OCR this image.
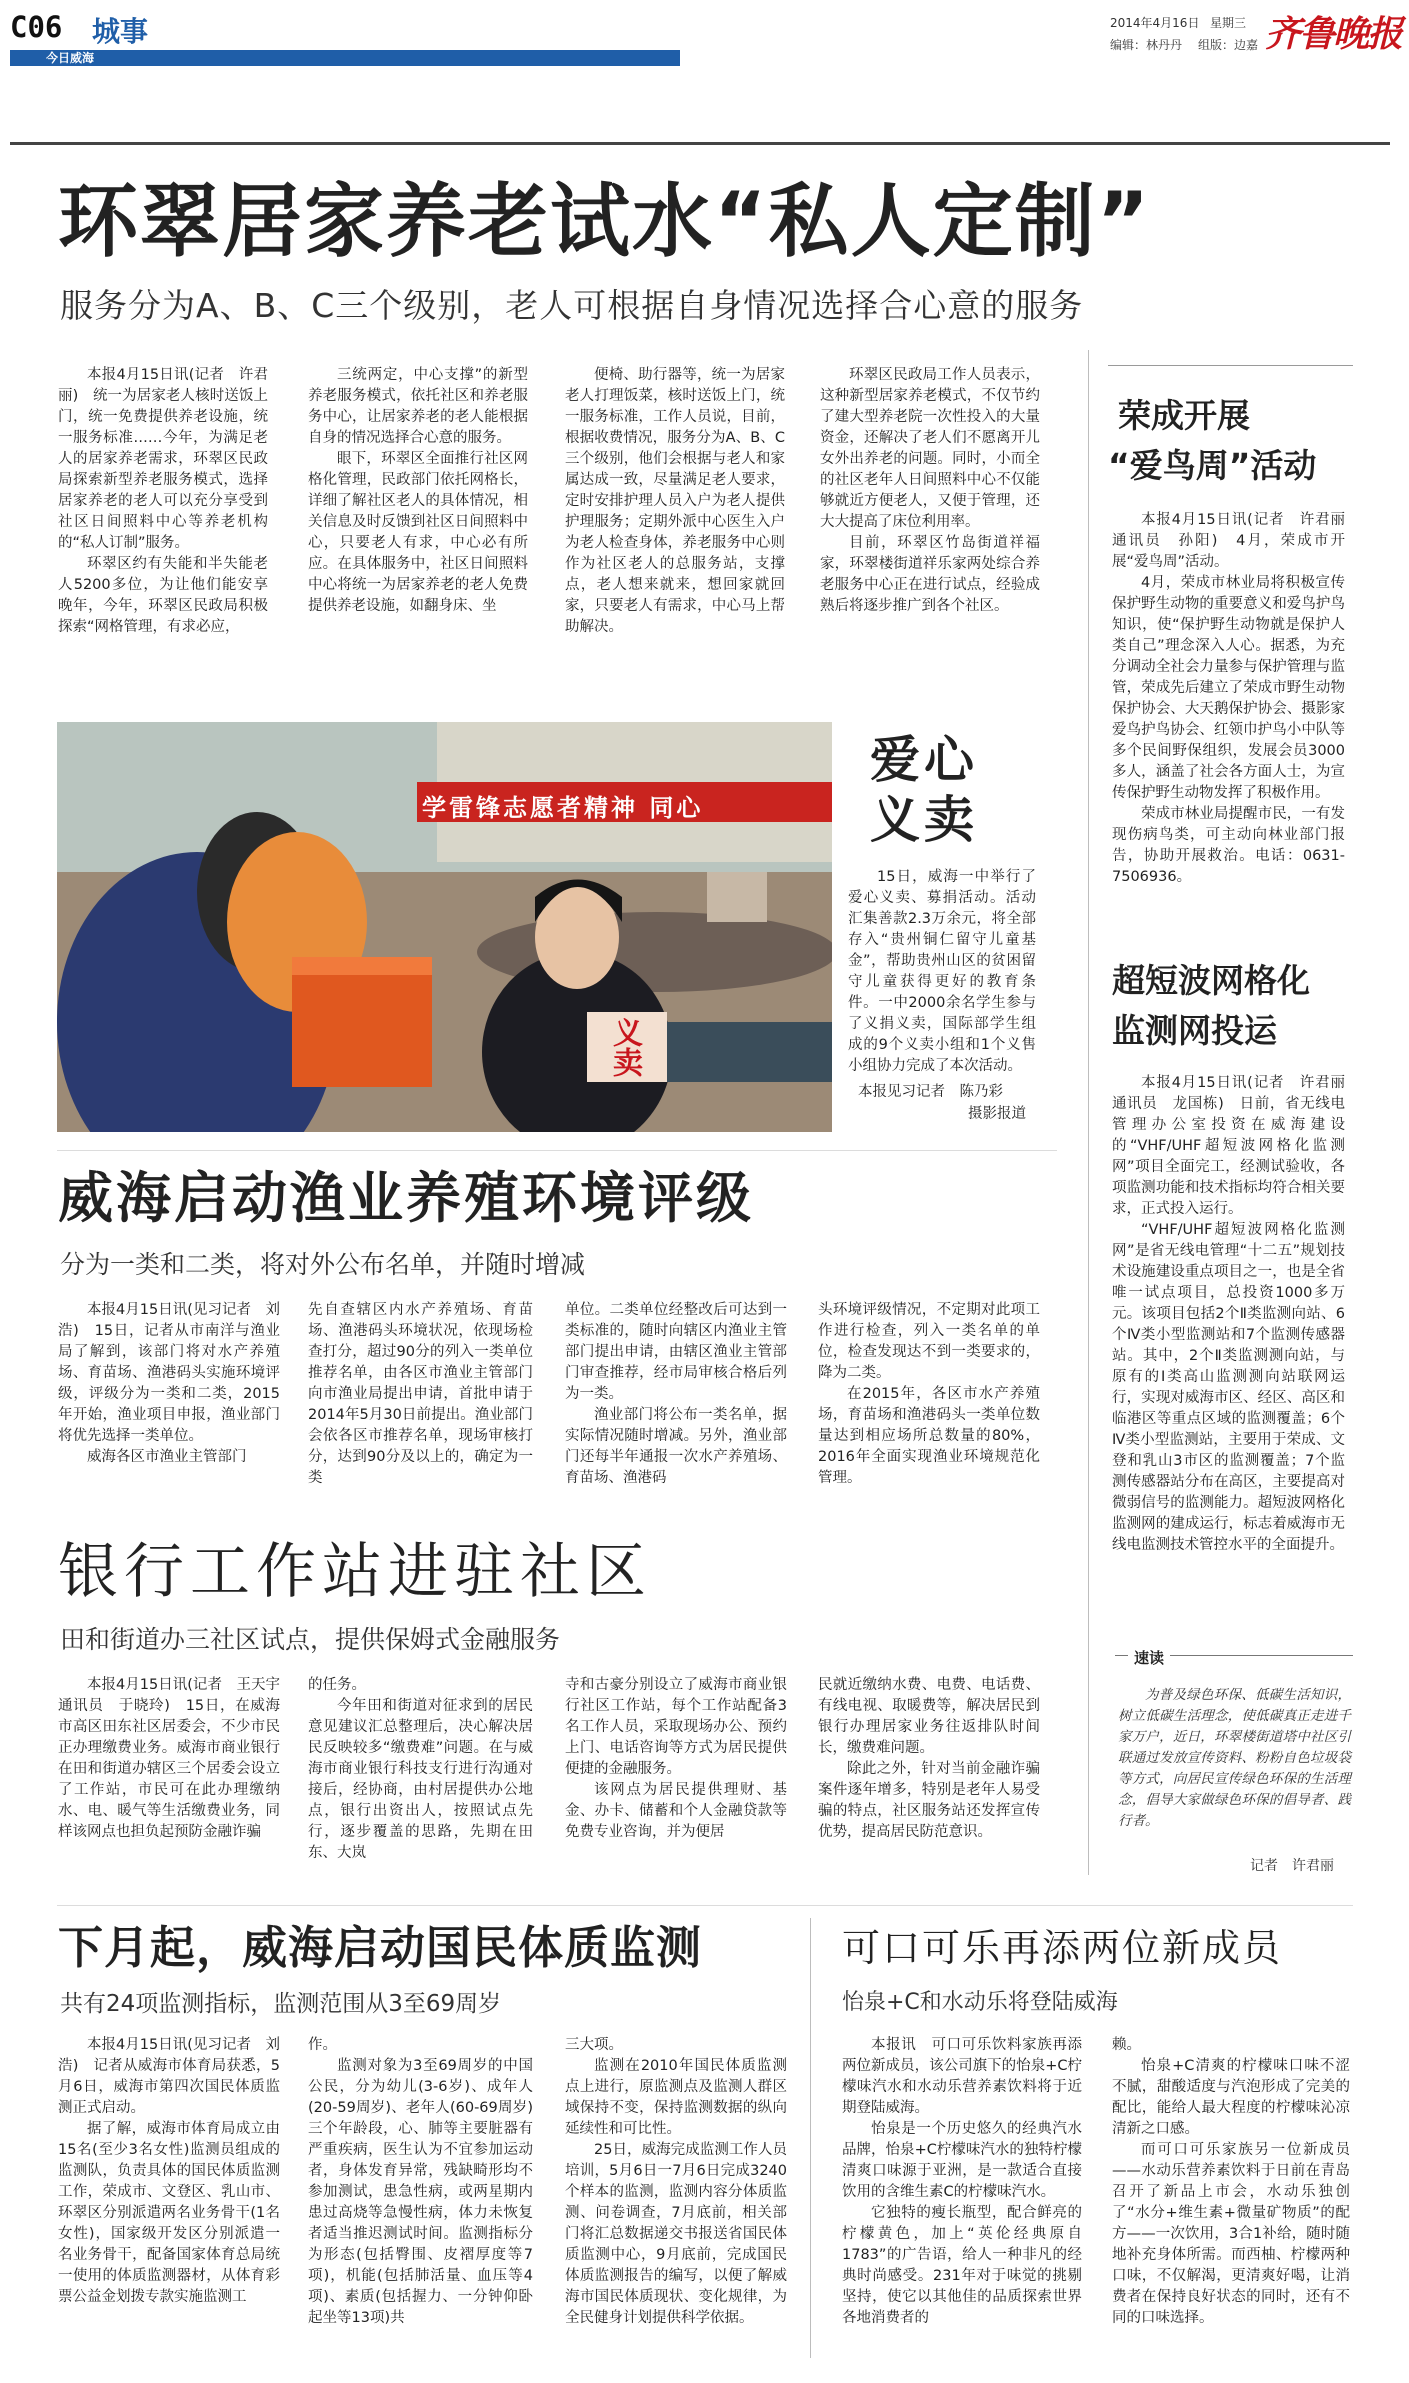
C06 城事
今日威海
2014年4月16日 星期三
编辑：林丹丹 组版：边嘉 齐鲁晚报
环翠居家养老试水“私人定制”
服务分为A、B、C三个级别，老人可根据自身情况选择合心意的服务

本报4月15日讯(记者　许君丽)　统一为居家老人核时送饭上门，统一免费提供养老设施，统一服务标准……今年，为满足老人的居家养老需求，环翠区民政局探索新型养老服务模式，选择居家养老的老人可以充分享受到社区日间照料中心等养老机构的“私人订制”服务。

环翠区约有失能和半失能老人5200多位，为让他们能安享晚年，今年，环翠区民政局积极探索“网格管理，有求必应，

三统两定，中心支撑”的新型养老服务模式，依托社区和养老服务中心，让居家养老的老人能根据自身的情况选择合心意的服务。

眼下，环翠区全面推行社区网格化管理，民政部门依托网格长，详细了解社区老人的具体情况，相关信息及时反馈到社区日间照料中心，只要老人有求，中心必有所应。在具体服务中，社区日间照料中心将统一为居家养老的老人免费提供养老设施，如翻身床、坐

便椅、助行器等，统一为居家老人打理饭菜，核时送饭上门，统一服务标准，工作人员说，目前，根据收费情况，服务分为A、B、C三个级别，他们会根据与老人和家属达成一致，尽量满足老人要求，定时安排护理人员入户为老人提供护理服务；定期外派中心医生入户为老人检查身体，养老服务中心则作为社区老人的总服务站，支撑点，老人想来就来，想回家就回家，只要老人有需求，中心马上帮助解决。

环翠区民政局工作人员表示，这种新型居家养老模式，不仅节约了建大型养老院一次性投入的大量资金，还解决了老人们不愿离开儿女外出养老的问题。同时，小而全的社区老年人日间照料中心不仅能够就近方便老人，又便于管理，还大大提高了床位利用率。

目前，环翠区竹岛街道祥福家，环翠楼街道祥乐家两处综合养老服务中心正在进行试点，经验成熟后将逐步推广到各个社区。

学雷锋志愿者精神 同心
义卖
爱心
义卖

15日，威海一中举行了爱心义卖、募捐活动。活动汇集善款2.3万余元，将全部存入“贵州铜仁留守儿童基金”，帮助贵州山区的贫困留守儿童获得更好的教育条件。一中2000余名学生参与了义捐义卖，国际部学生组成的9个义卖小组和1个义售小组协力完成了本次活动。

本报见习记者　陈乃彩
摄影报道
荣成开展
“爱鸟周”活动

本报4月15日讯(记者　许君丽　通讯员　孙阳)　4月，荣成市开展“爱鸟周”活动。

4月，荣成市林业局将积极宣传保护野生动物的重要意义和爱鸟护鸟知识，使“保护野生动物就是保护人类自己”理念深入人心。据悉，为充分调动全社会力量参与保护管理与监管，荣成先后建立了荣成市野生动物保护协会、大天鹅保护协会、摄影家爱鸟护鸟协会、红领巾护鸟小中队等多个民间野保组织，发展会员3000多人，涵盖了社会各方面人士，为宣传保护野生动物发挥了积极作用。

荣成市林业局提醒市民，一有发现伤病鸟类，可主动向林业部门报告，协助开展救治。电话：0631-7506936。

超短波网格化
监测网投运

本报4月15日讯(记者　许君丽　通讯员　龙国栋)　日前，省无线电管理办公室投资在威海建设的“VHF/UHF超短波网格化监测网”项目全面完工，经测试验收，各项监测功能和技术指标均符合相关要求，正式投入运行。

“VHF/UHF超短波网格化监测网”是省无线电管理“十二五”规划技术设施建设重点项目之一，也是全省唯一试点项目，总投资1000多万元。该项目包括2个Ⅱ类监测向站、6个Ⅳ类小型监测站和7个监测传感器站。其中，2个Ⅱ类监测测向站，与原有的Ⅰ类高山监测测向站联网运行，实现对威海市区、经区、高区和临港区等重点区域的监测覆盖；6个Ⅳ类小型监测站，主要用于荣成、文登和乳山3市区的监测覆盖；7个监测传感器站分布在高区，主要提高对微弱信号的监测能力。超短波网格化监测网的建成运行，标志着威海市无线电监测技术管控水平的全面提升。

速读

为普及绿色环保、低碳生活知识，树立低碳生活理念，使低碳真正走进千家万户，近日，环翠楼街道塔中社区引联通过发放宣传资料、粉粉自色垃圾袋等方式，向居民宣传绿色环保的生活理念，倡导大家做绿色环保的倡导者、践行者。

记者　许君丽
威海启动渔业养殖环境评级
分为一类和二类，将对外公布名单，并随时增减

本报4月15日讯(见习记者　刘浩)　15日，记者从市南洋与渔业局了解到，该部门将对水产养殖场、育苗场、渔港码头实施环境评级，评级分为一类和二类，2015年开始，渔业项目申报，渔业部门将优先选择一类单位。

威海各区市渔业主管部门

先自查辖区内水产养殖场、育苗场、渔港码头环境状况，依现场检查打分，超过90分的列入一类单位推荐名单，由各区市渔业主管部门向市渔业局提出申请，首批申请于2014年5月30日前提出。渔业部门会依各区市推荐名单，现场审核打分，达到90分及以上的，确定为一类

单位。二类单位经整改后可达到一类标准的，随时向辖区内渔业主管部门提出申请，由辖区渔业主管部门审查推荐，经市局审核合格后列为一类。

渔业部门将公布一类名单，据实际情况随时增减。另外，渔业部门还每半年通报一次水产养殖场、育苗场、渔港码

头环境评级情况，不定期对此项工作进行检查，列入一类名单的单位，检查发现达不到一类要求的，降为二类。

在2015年，各区市水产养殖场，育苗场和渔港码头一类单位数量达到相应场所总数量的80%，2016年全面实现渔业环境规范化管理。

银行工作站进驻社区
田和街道办三社区试点，提供保姆式金融服务

本报4月15日讯(记者　王天宇　通讯员　于晓玲)　15日，在威海市高区田东社区居委会，不少市民正办理缴费业务。威海市商业银行在田和街道办辖区三个居委会设立了工作站，市民可在此办理缴纳水、电、暖气等生活缴费业务，同样该网点也担负起预防金融诈骗

的任务。

今年田和街道对征求到的居民意见建议汇总整理后，决心解决居民反映较多“缴费难”问题。在与威海市商业银行科技支行进行沟通对接后，经协商，由村居提供办公地点，银行出资出人，按照试点先行，逐步覆盖的思路，先期在田东、大岚

寺和古豪分别设立了威海市商业银行社区工作站，每个工作站配备3名工作人员，采取现场办公、预约上门、电话咨询等方式为居民提供便捷的金融服务。

该网点为居民提供理财、基金、办卡、储蓄和个人金融贷款等免费专业咨询，并为便居

民就近缴纳水费、电费、电话费、有线电视、取暖费等，解决居民到银行办理居家业务往返排队时间长，缴费难问题。

除此之外，针对当前金融诈骗案件逐年增多，特别是老年人易受骗的特点，社区服务站还发挥宣传优势，提高居民防范意识。

下月起，威海启动国民体质监测
共有24项监测指标，监测范围从3至69周岁

本报4月15日讯(见习记者　刘浩)　记者从威海市体育局获悉，5月6日，威海市第四次国民体质监测正式启动。

据了解，威海市体育局成立由15名(至少3名女性)监测员组成的监测队，负责具体的国民体质监测工作，荣成市、文登区、乳山市、环翠区分别派遣两名业务骨干(1名女性)，国家级开发区分别派遣一名业务骨干，配备国家体育总局统一使用的体质监测器材，从体育彩票公益金划拨专款实施监测工

作。

监测对象为3至69周岁的中国公民，分为幼儿(3-6岁)、成年人(20-59周岁)、老年人(60-69周岁)三个年龄段，心、肺等主要脏器有严重疾病，医生认为不宜参加运动者，身体发育异常，残缺畸形均不参加测试，患急性病，或两星期内患过高烧等急慢性病，体力未恢复者适当推迟测试时间。监测指标分为形态(包括臀围、皮褶厚度等7项)，机能(包括肺活量、血压等4项)、素质(包括握力、一分钟仰卧起坐等13项)共

三大项。

监测在2010年国民体质监测点上进行，原监测点及监测人群区域保持不变，保持监测数据的纵向延续性和可比性。

25日，威海完成监测工作人员培训，5月6日一7月6日完成3240个样本的监测，监测内容分体质监测、问卷调查，7月底前，相关部门将汇总数据递交书报送省国民体质监测中心，9月底前，完成国民体质监测报告的编写，以便了解威海市国民体质现状、变化规律，为全民健身计划提供科学依据。

可口可乐再添两位新成员
怡泉+C和水动乐将登陆威海

本报讯　可口可乐饮料家族再添两位新成员，该公司旗下的怡泉+C柠檬味汽水和水动乐营养素饮料将于近期登陆威海。

怡泉是一个历史悠久的经典汽水品牌，怡泉+C柠檬味汽水的独特柠檬清爽口味源于亚洲，是一款适合直接饮用的含维生素C的柠檬味汽水。

它独特的瘦长瓶型，配合鲜亮的柠檬黄色，加上“英伦经典原自1783”的广告语，给人一种非凡的经典时尚感受。231年对于味觉的挑剔坚持，使它以其他佳的品质探索世界各地消费者的

赖。

怡泉+C清爽的柠檬味口味不涩不腻，甜酸适度与汽泡形成了完美的配比，能给人最大程度的柠檬味沁凉清新之口感。

而可口可乐家族另一位新成员——水动乐营养素饮料于日前在青岛召开了新品上市会，水动乐独创了“水分+维生素+微量矿物质”的配方——一次饮用，3合1补给，随时随地补充身体所需。而西柚、柠檬两种口味，不仅解渴，更清爽好喝，让消费者在保持良好状态的同时，还有不同的口味选择。
